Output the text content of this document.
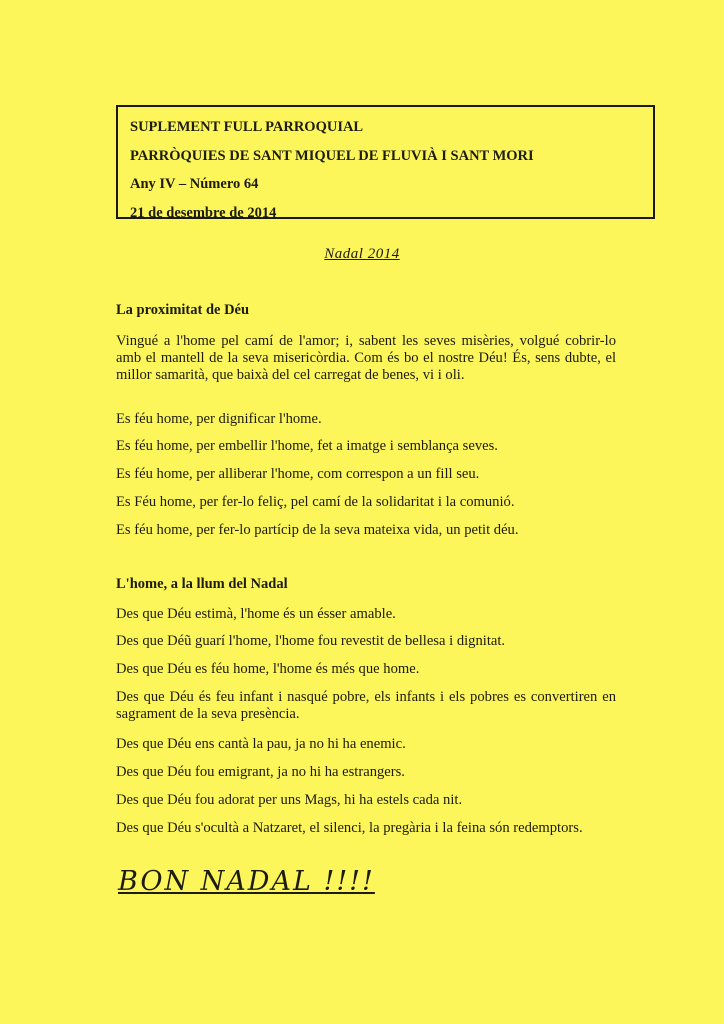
SUPLEMENT FULL PARROQUIAL

PARRÒQUIES DE SANT MIQUEL DE FLUVIÀ I SANT MORI

Any IV – Número 64

21 de desembre de 2014

Nadal 2014

La proximitat de Déu

Vingué a l'home pel camí de l'amor; i, sabent les seves misèries, volgué cobrir-lo amb el mantell de la seva misericòrdia. Com és bo el nostre Déu! És, sens dubte, el millor samarità, que baixà del cel carregat de benes, vi i oli.

Es féu home, per dignificar l'home.

Es féu home, per embellir l'home, fet a imatge i semblança seves.

Es féu home, per alliberar l'home, com correspon a un fill seu.

Es Féu home, per fer-lo feliç, pel camí de la solidaritat i la comunió.

Es féu home, per fer-lo partícip de la seva mateixa vida, un petit déu.

L'home, a la llum del Nadal

Des que Déu estimà, l'home és un ésser amable.

Des que Déũ guarí l'home, l'home fou revestit de bellesa i dignitat.

Des que Déu es féu home, l'home és més que home.

Des que Déu és feu infant i nasqué pobre, els infants i els pobres es convertiren en sagrament de la seva presència.

Des que Déu ens cantà la pau, ja no hi ha enemic.

Des que Déu fou emigrant, ja no hi ha estrangers.

Des que Déu fou adorat per uns Mags, hi ha estels cada nit.

Des que Déu s'ocultà a Natzaret, el silenci, la pregària i la feina són redemptors.

BON NADAL !!!!
